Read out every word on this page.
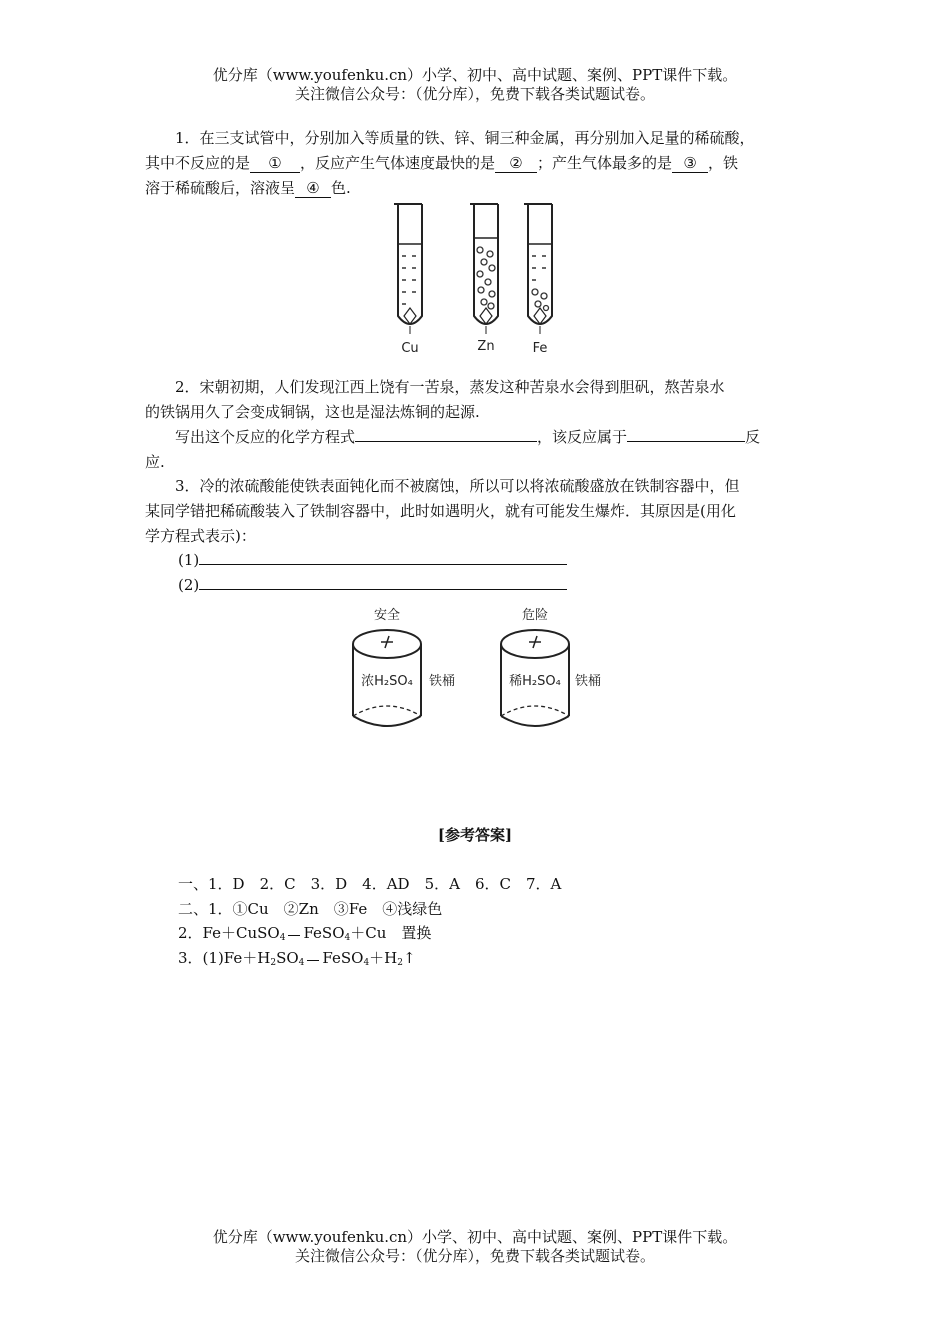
优分库（www.youfenku.cn）小学、初中、高中试题、案例、PPT课件下载。
关注微信公众号：（优分库），免费下载各类试题试卷。
1．在三支试管中，分别加入等质量的铁、锌、铜三种金属，再分别加入足量的稀硫酸，
其中不反应的是 ① ，反应产生气体速度最快的是 ② ；产生气体最多的是 ③ ，铁
溶于稀硫酸后，溶液呈 ④ 色.
Cu	Zn	Fe
2．宋朝初期，人们发现江西上饶有一苦泉，蒸发这种苦泉水会得到胆矾，熬苦泉水
的铁锅用久了会变成铜锅，这也是湿法炼铜的起源.
写出这个反应的化学方程式	，该反应属于	反
应.
3．冷的浓硫酸能使铁表面钝化而不被腐蚀，所以可以将浓硫酸盛放在铁制容器中，但
某同学错把稀硫酸装入了铁制容器中，此时如遇明火，就有可能发生爆炸．其原因是(用化
学方程式表示)：
(1)
(2)
安全
浓H₂SO₄ 铁桶
危险
稀H₂SO₄ 铁桶
[参考答案]
一、1．D　2．C　3．D　4．AD　5．A　6．C　7．A
二、1．①Cu　②Zn　③Fe　④浅绿色
2．Fe＋CuSO$_4$ FeSO$_4$＋Cu　置换
3．$(1)Fe+H_2SO_4$ $FeSO_4+H_2↑$
优分库（www.youfenku.cn）小学、初中、高中试题、案例、PPT课件下载。
关注微信公众号：（优分库），免费下载各类试题试卷。
